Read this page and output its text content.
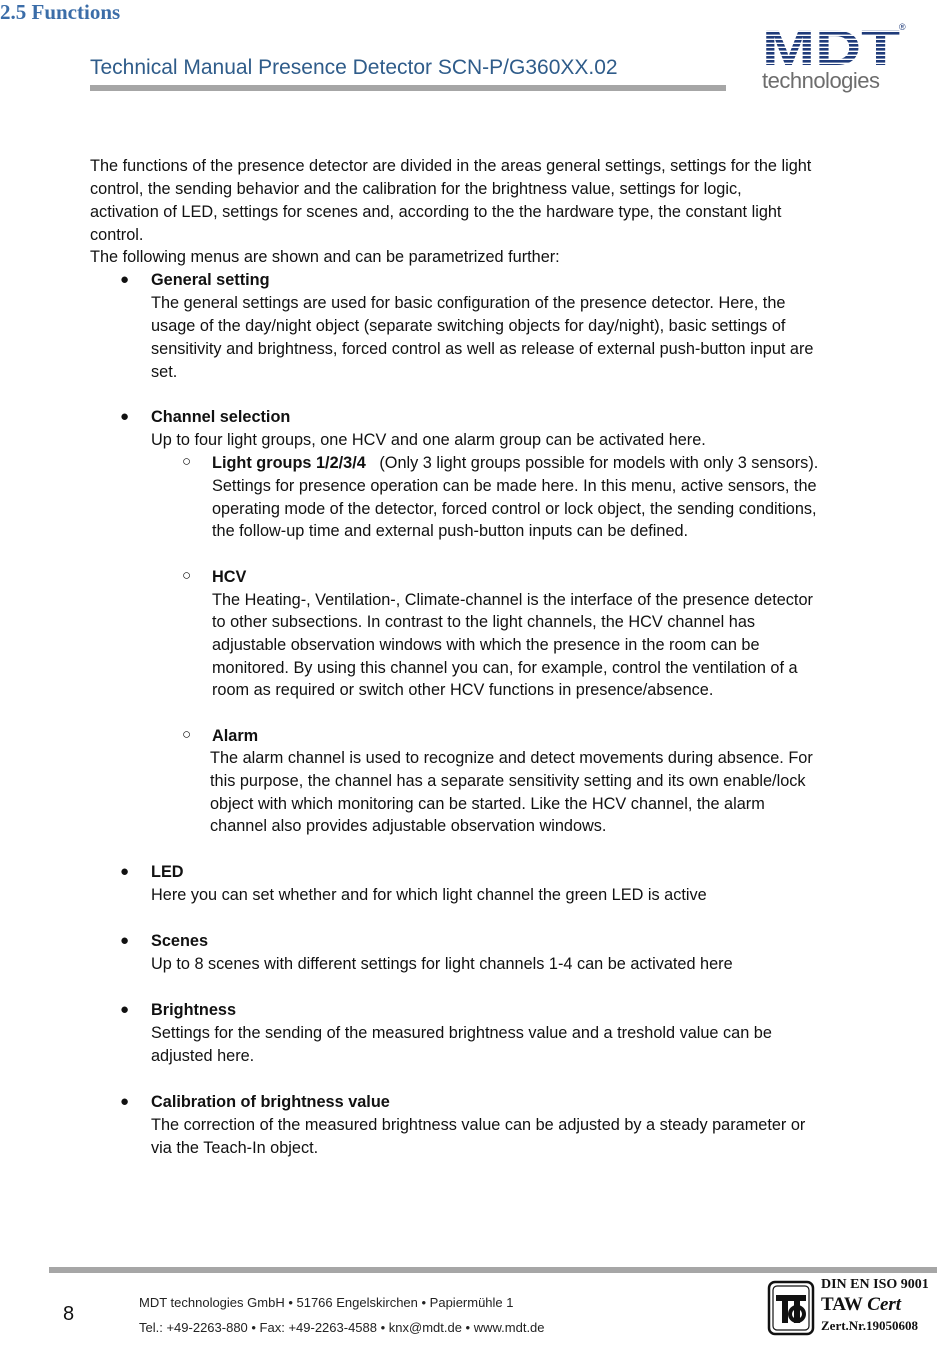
Technical Manual Presence Detector SCN-P/G360XX.02	MDT ®
technologies
2.5 Functions
The functions of the presence detector are divided in the areas general settings, settings for the light
control, the sending behavior and the calibration for the brightness value, settings for logic,
activation of LED, settings for scenes and, according to the the hardware type, the constant light
control.
The following menus are shown and can be parametrized further:
● General setting
The general settings are used for basic configuration of the presence detector. Here, the
usage of the day/night object (separate switching objects for day/night), basic settings of
sensitivity and brightness, forced control as well as release of external push-button input are
set.
● Channel selection
Up to four light groups, one HCV and one alarm group can be activated here.
○ Light groups 1/2/3/4 (Only 3 light groups possible for models with only 3 sensors).
Settings for presence operation can be made here. In this menu, active sensors, the
operating mode of the detector, forced control or lock object, the sending conditions,
the follow-up time and external push-button inputs can be defined.
○ HCV
The Heating-, Ventilation-, Climate-channel is the interface of the presence detector
to other subsections. In contrast to the light channels, the HCV channel has
adjustable observation windows with which the presence in the room can be
monitored. By using this channel you can, for example, control the ventilation of a
room as required or switch other HCV functions in presence/absence.
○ Alarm
The alarm channel is used to recognize and detect movements during absence. For
this purpose, the channel has a separate sensitivity setting and its own enable/lock
object with which monitoring can be started. Like the HCV channel, the alarm
channel also provides adjustable observation windows.
● LED
Here you can set whether and for which light channel the green LED is active
● Scenes
Up to 8 scenes with different settings for light channels 1-4 can be activated here
● Brightness
Settings for the sending of the measured brightness value and a treshold value can be
adjusted here.
● Calibration of brightness value
The correction of the measured brightness value can be adjusted by a steady parameter or
via the Teach-In object.
8
MDT technologies GmbH • 51766 Engelskirchen • Papiermühle 1
Tel.: +49-2263-880 • Fax: +49-2263-4588 • knx@mdt.de • www.mdt.de
DIN EN ISO 9001
TAW Cert
Zert.Nr.19050608
